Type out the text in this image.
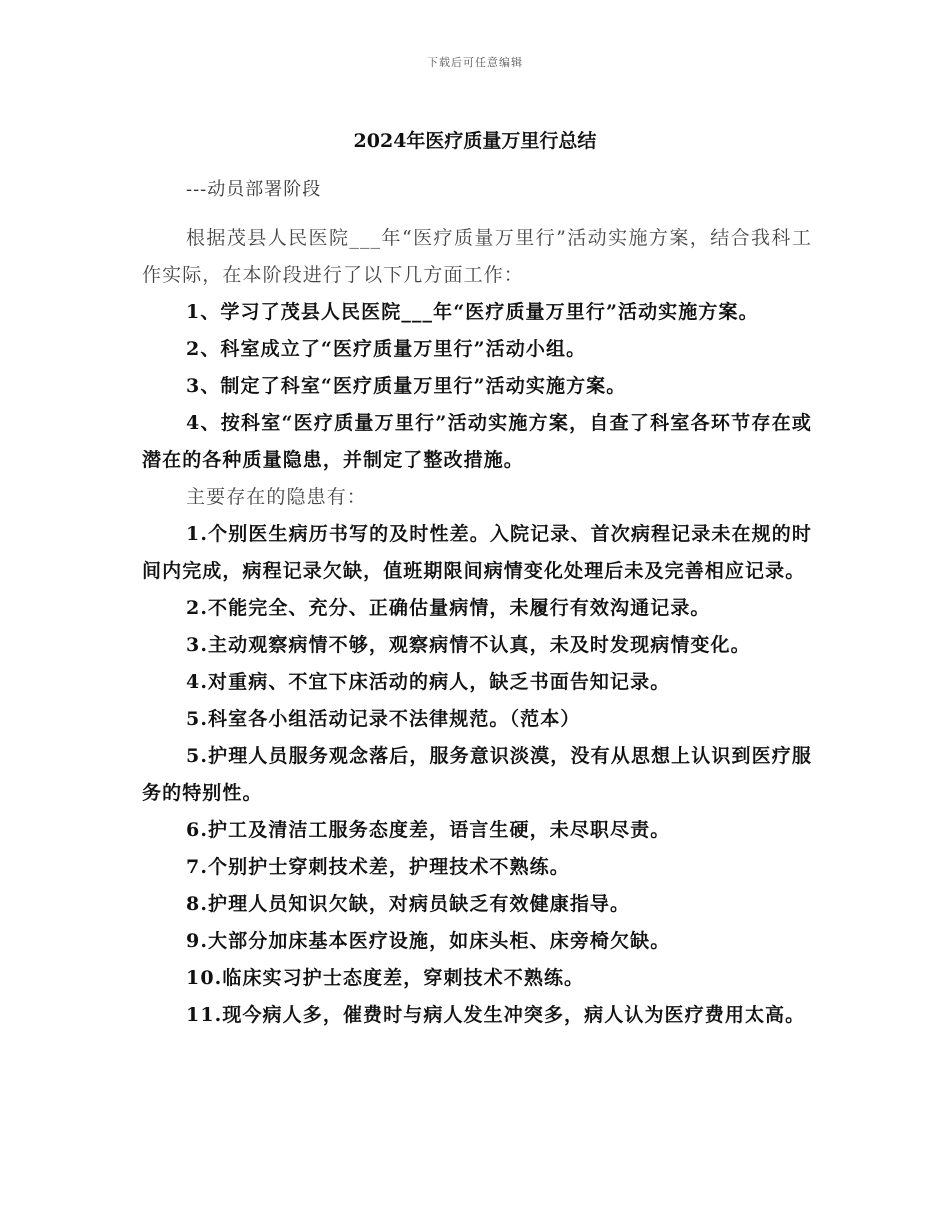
下载后可任意编辑
2024年医疗质量万里行总结
---动员部署阶段

根据茂县人民医院___年“医疗质量万里行”活动实施方案，结合我科工作实际，在本阶段进行了以下几方面工作：

1、学习了茂县人民医院___年“医疗质量万里行”活动实施方案。

2、科室成立了“医疗质量万里行”活动小组。

3、制定了科室“医疗质量万里行”活动实施方案。

4、按科室“医疗质量万里行”活动实施方案，自查了科室各环节存在或潜在的各种质量隐患，并制定了整改措施。

主要存在的隐患有：

1.个别医生病历书写的及时性差。入院记录、首次病程记录未在规的时间内完成，病程记录欠缺，值班期限间病情变化处理后未及完善相应记录。

2.不能完全、充分、正确估量病情，未履行有效沟通记录。

3.主动观察病情不够，观察病情不认真，未及时发现病情变化。

4.对重病、不宜下床活动的病人，缺乏书面告知记录。

5.科室各小组活动记录不法律规范。（范本）

5.护理人员服务观念落后，服务意识淡漠，没有从思想上认识到医疗服务的特别性。

6.护工及清洁工服务态度差，语言生硬，未尽职尽责。

7.个别护士穿刺技术差，护理技术不熟练。

8.护理人员知识欠缺，对病员缺乏有效健康指导。

9.大部分加床基本医疗设施，如床头柜、床旁椅欠缺。

10.临床实习护士态度差，穿刺技术不熟练。

11.现今病人多，催费时与病人发生冲突多，病人认为医疗费用太高。
